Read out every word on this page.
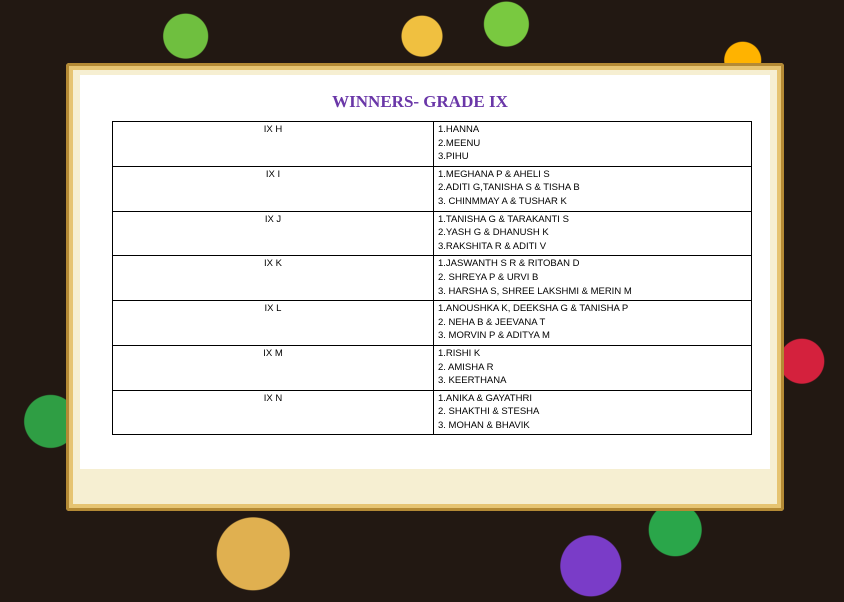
WINNERS- GRADE IX
IX H	1.HANNA
2.MEENU
3.PIHU

IX I	1.MEGHANA P & AHELI S
2.ADITI G,TANISHA S & TISHA B
3. CHINMMAY A & TUSHAR K

IX J	1.TANISHA G & TARAKANTI S
2.YASH G & DHANUSH K
3.RAKSHITA R & ADITI V

IX K	1.JASWANTH S R & RITOBAN D
2. SHREYA P & URVI B
3. HARSHA S, SHREE LAKSHMI & MERIN M

IX L	1.ANOUSHKA K, DEEKSHA G & TANISHA P
2. NEHA B & JEEVANA T
3. MORVIN P & ADITYA M

IX M	1.RISHI K
2. AMISHA R
3. KEERTHANA

IX N	1.ANIKA & GAYATHRI
2. SHAKTHI & STESHA
3. MOHAN & BHAVIK
